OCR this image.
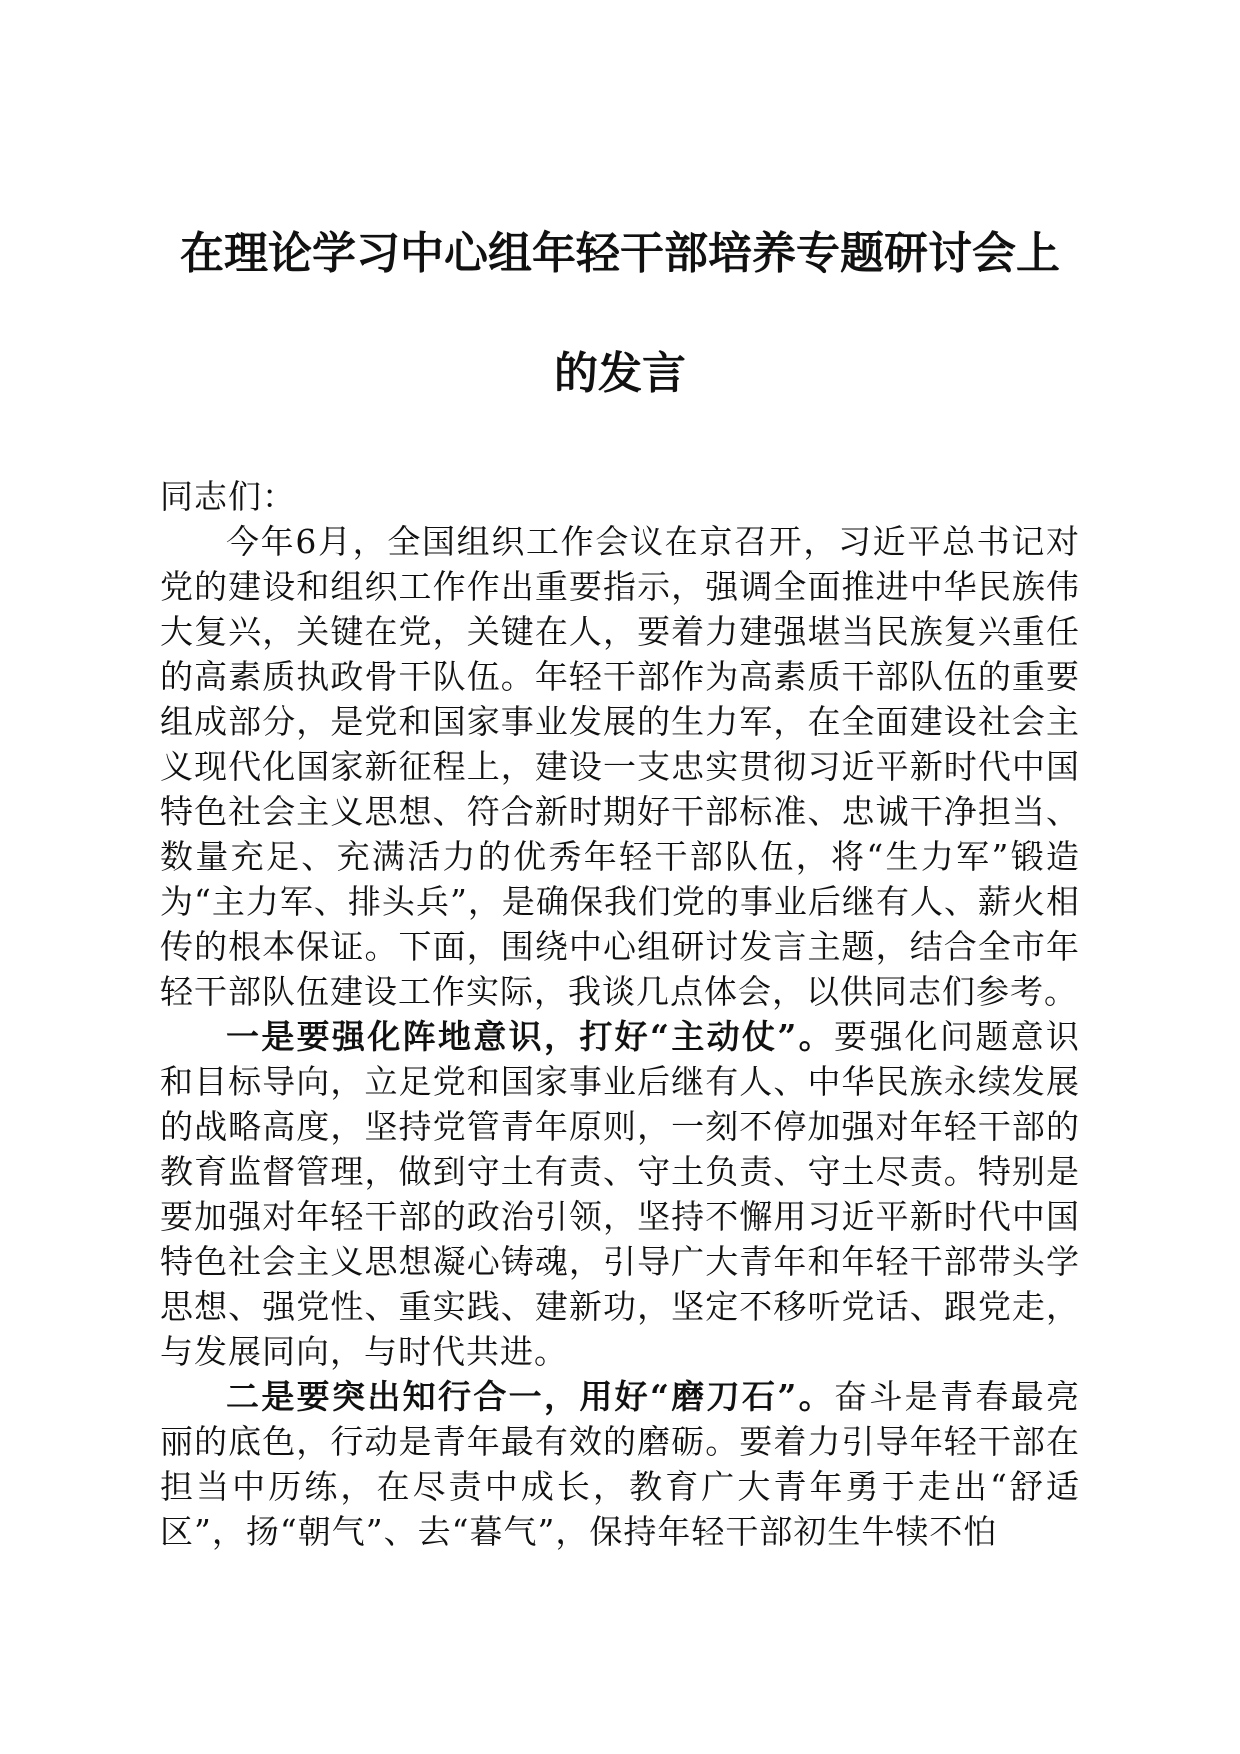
在理论学习中心组年轻干部培养专题研讨会上
的发言

同志们：

今年6月，全国组织工作会议在京召开，习近平总书记对党的建设和组织工作作出重要指示，强调全面推进中华民族伟大复兴，关键在党，关键在人，要着力建强堪当民族复兴重任的高素质执政骨干队伍。年轻干部作为高素质干部队伍的重要组成部分，是党和国家事业发展的生力军，在全面建设社会主义现代化国家新征程上，建设一支忠实贯彻习近平新时代中国特色社会主义思想、符合新时期好干部标准、忠诚干净担当、数量充足、充满活力的优秀年轻干部队伍，将“生力军”锻造为“主力军、排头兵”，是确保我们党的事业后继有人、薪火相传的根本保证。下面，围绕中心组研讨发言主题，结合全市年轻干部队伍建设工作实际，我谈几点体会，以供同志们参考。

一是要强化阵地意识，打好“主动仗”。要强化问题意识和目标导向，立足党和国家事业后继有人、中华民族永续发展的战略高度，坚持党管青年原则，一刻不停加强对年轻干部的教育监督管理，做到守土有责、守土负责、守土尽责。特别是要加强对年轻干部的政治引领，坚持不懈用习近平新时代中国特色社会主义思想凝心铸魂，引导广大青年和年轻干部带头学思想、强党性、重实践、建新功，坚定不移听党话、跟党走，与发展同向，与时代共进。

二是要突出知行合一，用好“磨刀石”。奋斗是青春最亮丽的底色，行动是青年最有效的磨砺。要着力引导年轻干部在担当中历练，在尽责中成长，教育广大青年勇于走出“舒适区”，扬“朝气”、去“暮气”，保持年轻干部初生牛犊不怕
